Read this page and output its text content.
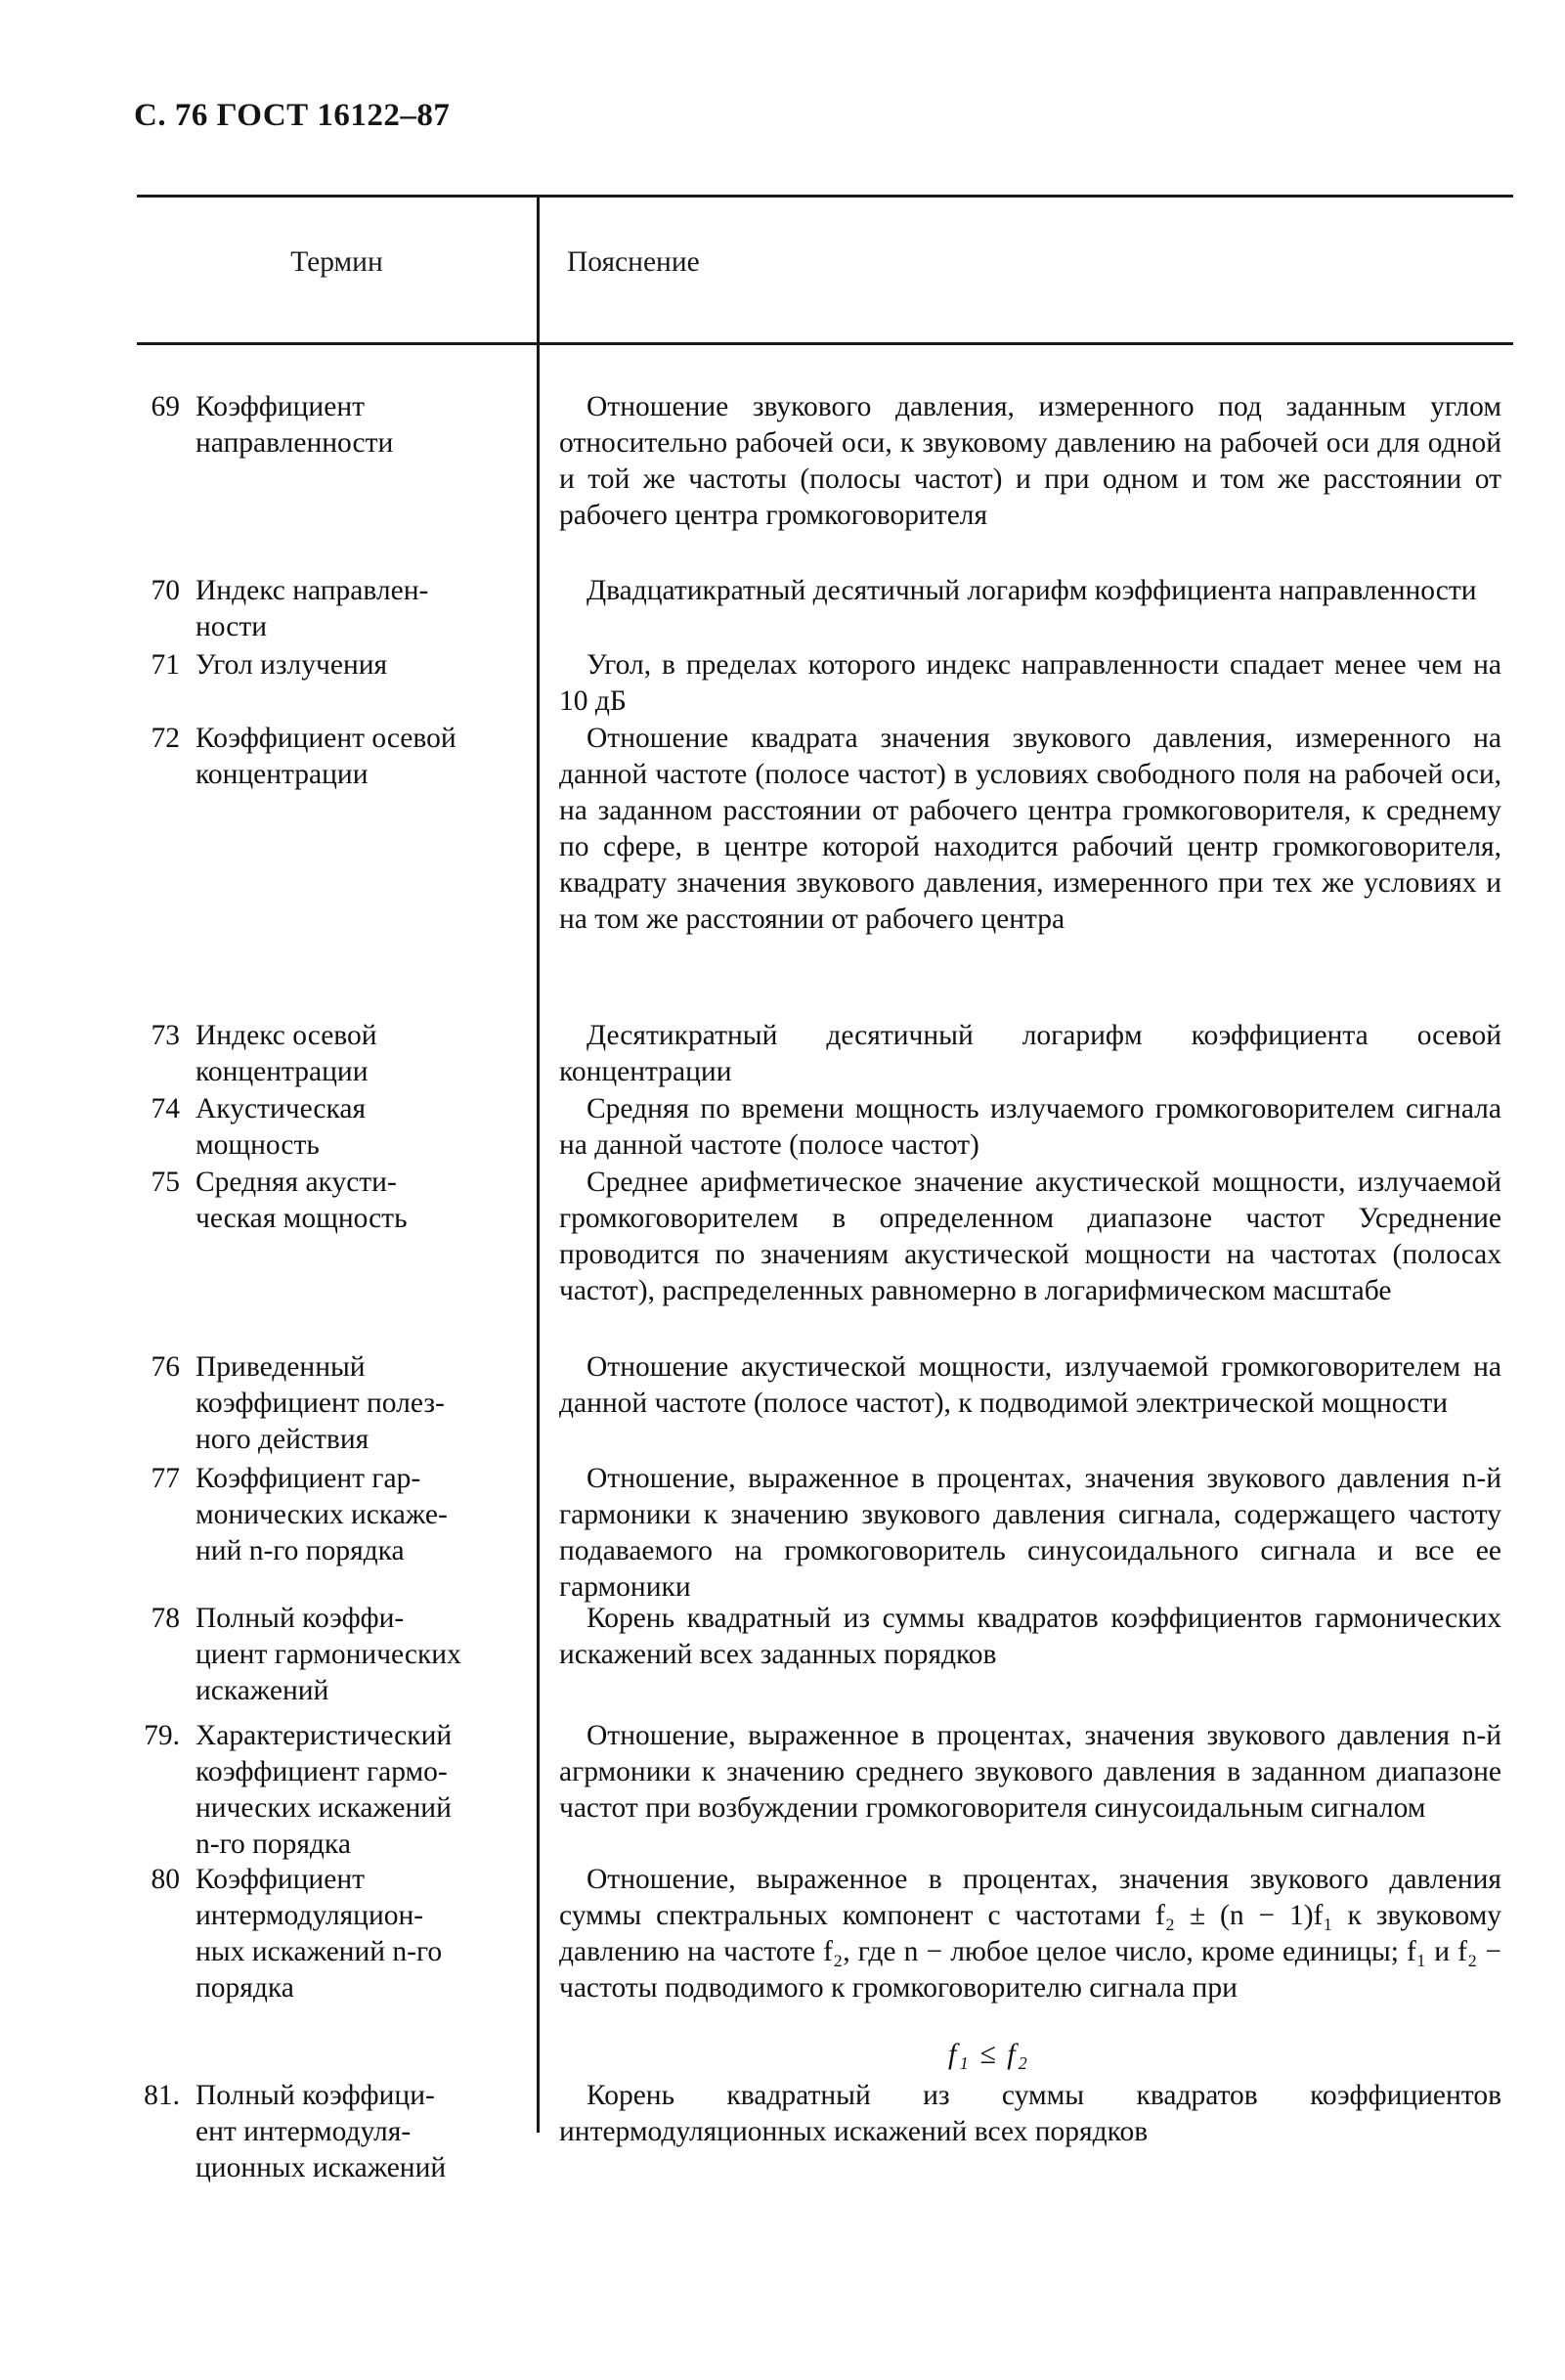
С. 76 ГОСТ 16122–87
Термин	Пояснение
69 Коэффициент
направленности
Отношение звукового давления, измеренного под заданным углом относительно рабочей оси, к звуковому давлению на рабочей оси для одной и той же частоты (полосы частот) и при одном и том же расстоянии от рабочего центра громкоговорителя
70 Индекс направлен-
ности
Двадцатикратный десятичный логарифм коэффициента направленности
71 Угол излучения	Угол, в пределах которого индекс направленности спадает менее чем на 10 дБ
72 Коэффициент осевой
концентрации
Отношение квадрата значения звукового давления, измеренного на данной частоте (полосе частот) в условиях свободного поля на рабочей оси, на заданном расстоянии от рабочего центра громкоговорителя, к среднему по сфере, в центре которой находится рабочий центр громкоговорителя, квадрату значения звукового давления, измеренного при тех же условиях и на том же расстоянии от рабочего центра
73 Индекс осевой
концентрации
Десятикратный десятичный логарифм коэффициента осевой концентрации
74 Акустическая
мощность
Средняя по времени мощность излучаемого громкоговорителем сигнала на данной частоте (полосе частот)
75 Средняя акусти-
ческая мощность
Среднее арифметическое значение акустической мощности, излучаемой громкоговорителем в определенном диапазоне частот Усреднение проводится по значениям акустической мощности на частотах (полосах частот), распределенных равномерно в логарифмическом масштабе
76 Приведенный
коэффициент полез-
ного действия
Отношение акустической мощности, излучаемой громкоговорителем на данной частоте (полосе частот), к подводимой электрической мощности
77 Коэффициент гар-
монических искаже-
ний n-го порядка
Отношение, выраженное в процентах, значения звукового давления n-й гармоники к значению звукового давления сигнала, содержащего частоту подаваемого на громкоговоритель синусоидального сигнала и все ее гармоники
78 Полный коэффи-
циент гармонических
искажений
Корень квадратный из суммы квадратов коэффициентов гармонических искажений всех заданных порядков
79. Характеристический
коэффициент гармо-
нических искажений
n-го порядка
Отношение, выраженное в процентах, значения звукового давления n-й агрмоники к значению среднего звукового давления в заданном диапазоне частот при возбуждении громкоговорителя синусоидальным сигналом
80 Коэффициент
интермодуляцион-
ных искажений n-го
порядка
Отношение, выраженное в процентах, значения звукового давления суммы спектральных компонент с частотами f₂ ± (n − 1)f₁ к звуковому давлению на частоте f₂, где n − любое целое число, кроме единицы; f₁ и f₂ − частоты подводимого к громкоговорителю сигнала при
f₁ ≤ f₂
81. Полный коэффици-
ент интермодуля-
ционных искажений
Корень квадратный из суммы квадратов коэффициентов интермодуляционных искажений всех порядков
